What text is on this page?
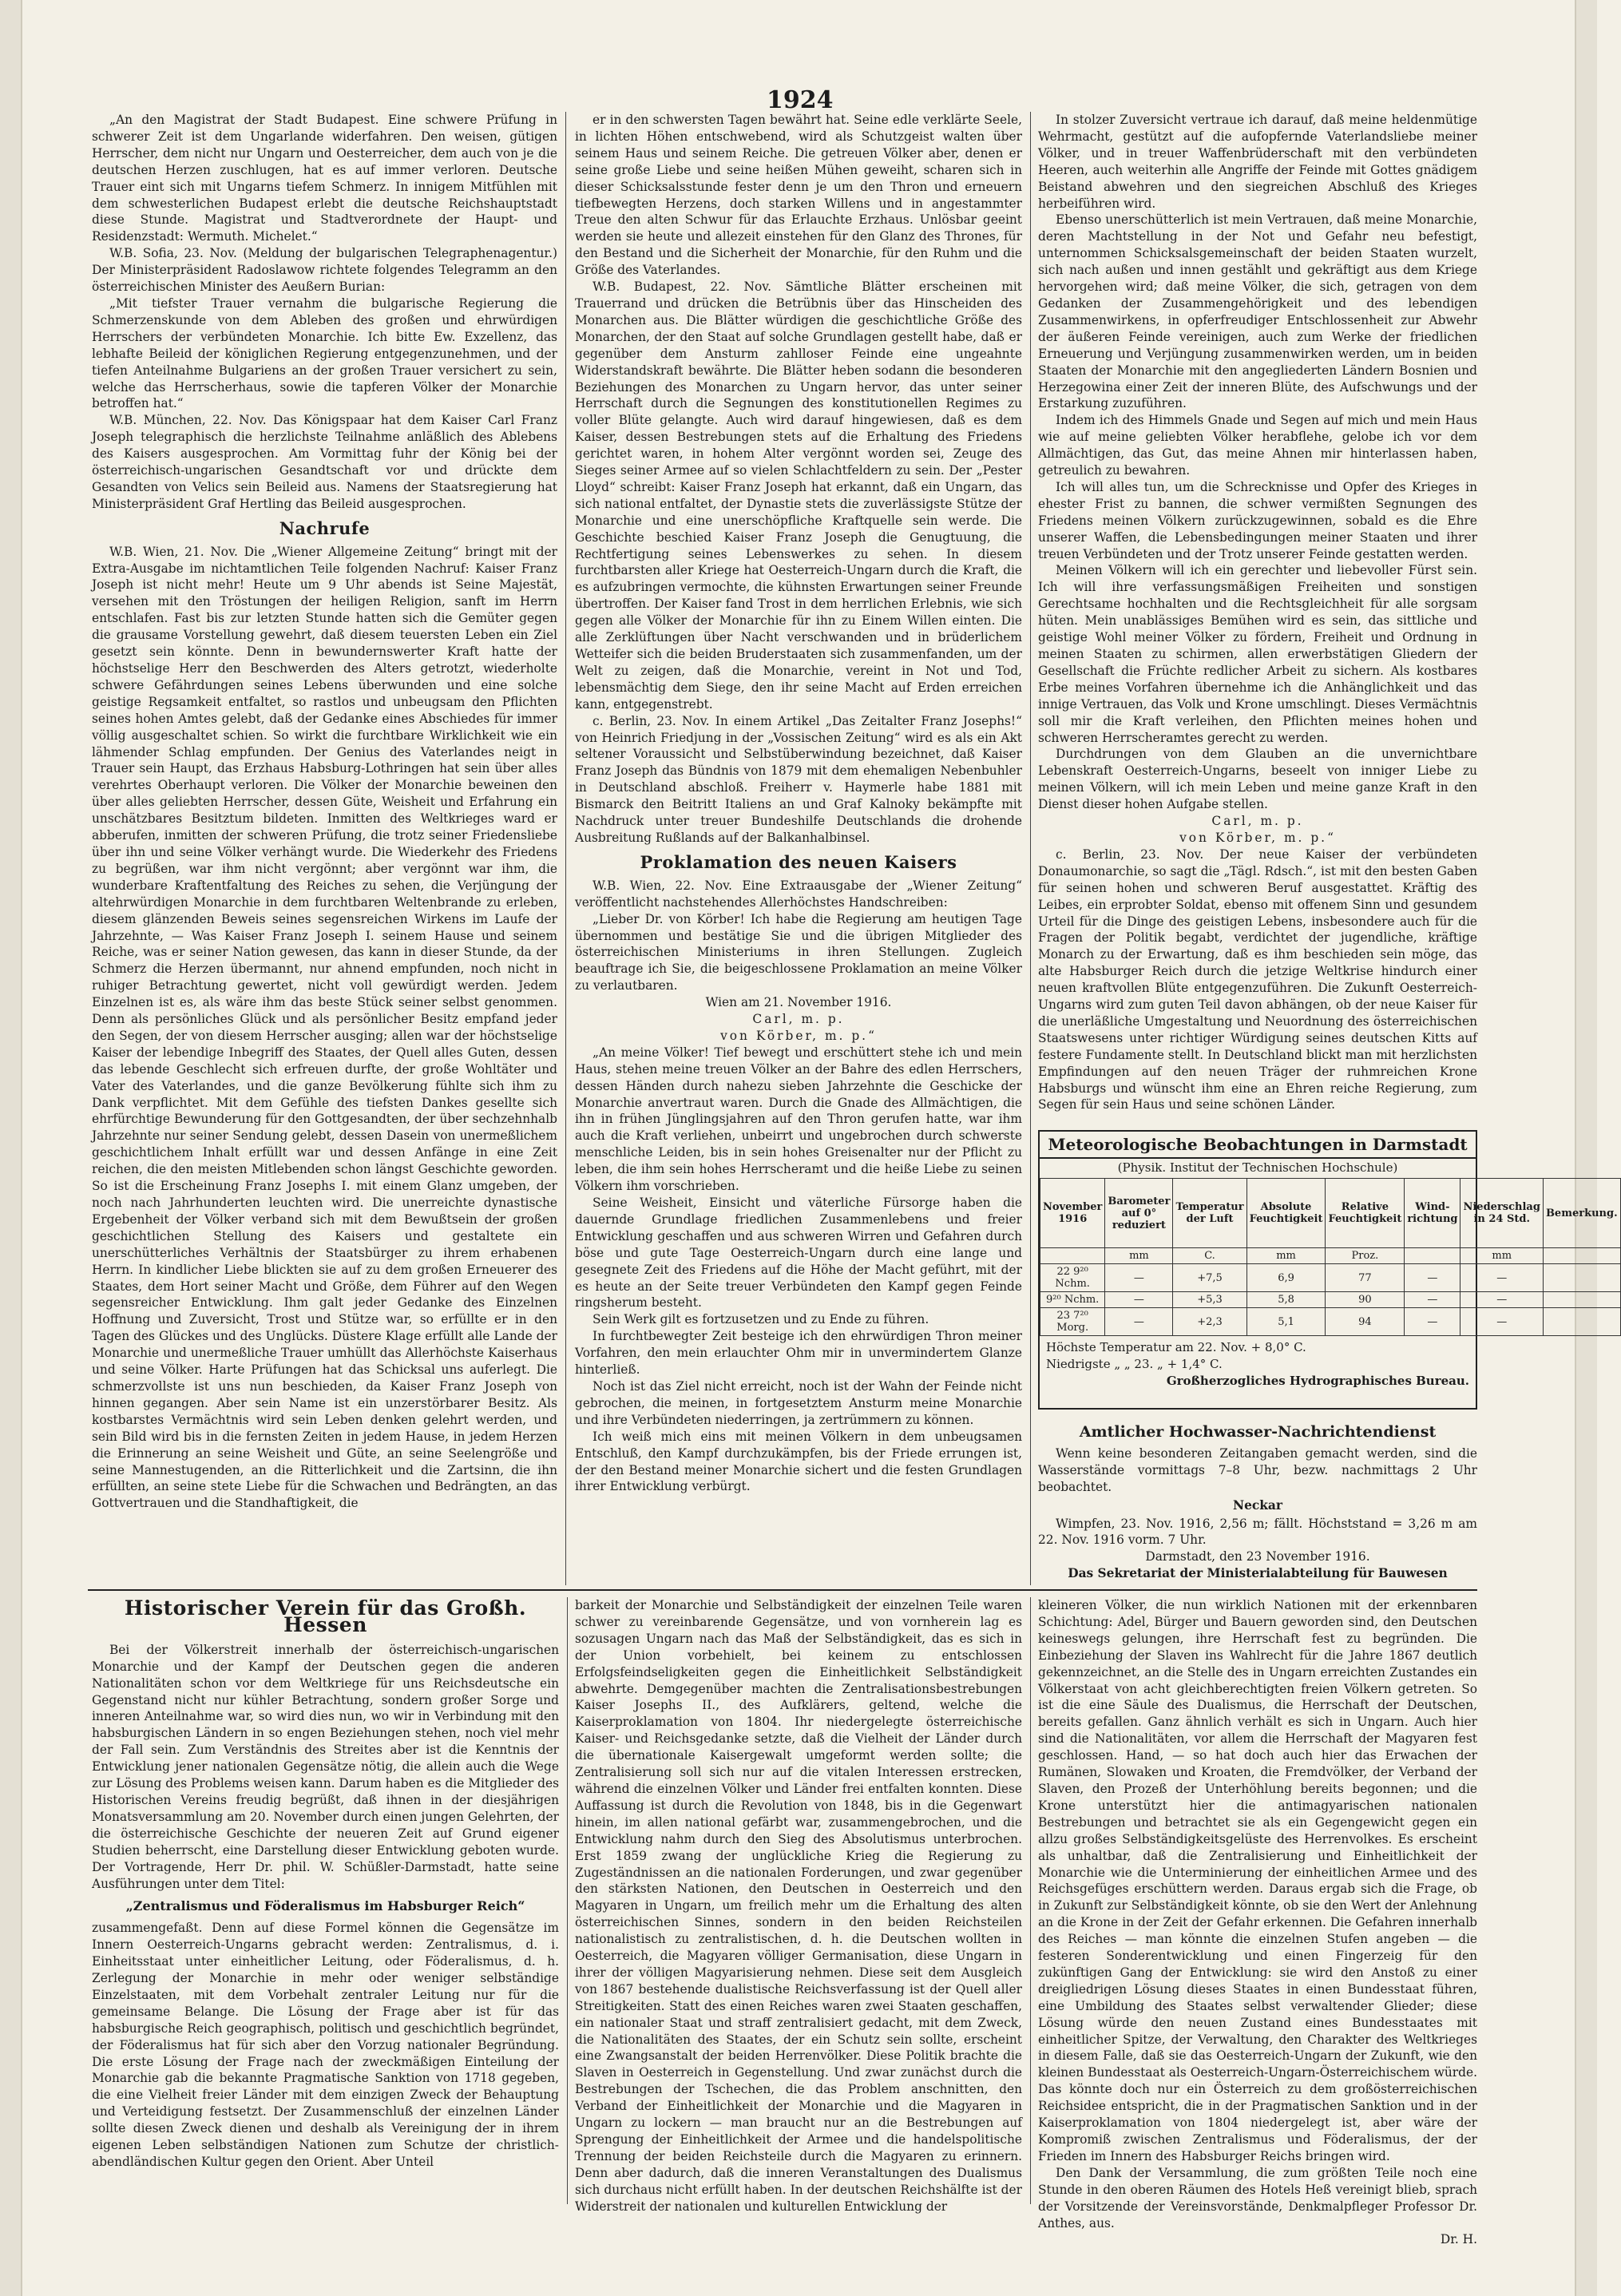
1924

„An den Magistrat der Stadt Budapest. Eine schwere Prüfung in schwerer Zeit ist dem Ungarlande widerfahren. Den weisen, gütigen Herrscher, dem nicht nur Ungarn und Oesterreicher, dem auch von je die deutschen Herzen zuschlugen, hat es auf immer verloren. Deutsche Trauer eint sich mit Ungarns tiefem Schmerz. In innigem Mitfühlen mit dem schwesterlichen Budapest erlebt die deutsche Reichshauptstadt diese Stunde. Magistrat und Stadtverordnete der Haupt- und Residenzstadt: Wermuth. Michelet.“

W.B. Sofia, 23. Nov. (Meldung der bulgarischen Telegraphenagentur.) Der Ministerpräsident Radoslawow richtete folgendes Telegramm an den österreichischen Minister des Aeußern Burian:

„Mit tiefster Trauer vernahm die bulgarische Regierung die Schmerzenskunde von dem Ableben des großen und ehrwürdigen Herrschers der verbündeten Monarchie. Ich bitte Ew. Exzellenz, das lebhafte Beileid der königlichen Regierung entgegenzunehmen, und der tiefen Anteilnahme Bulgariens an der großen Trauer versichert zu sein, welche das Herrscherhaus, sowie die tapferen Völker der Monarchie betroffen hat.“

W.B. München, 22. Nov. Das Königspaar hat dem Kaiser Carl Franz Joseph telegraphisch die herzlichste Teilnahme anläßlich des Ablebens des Kaisers ausgesprochen. Am Vormittag fuhr der König bei der österreichisch-ungarischen Gesandtschaft vor und drückte dem Gesandten von Velics sein Beileid aus. Namens der Staatsregierung hat Ministerpräsident Graf Hertling das Beileid ausgesprochen.

Nachrufe

W.B. Wien, 21. Nov. Die „Wiener Allgemeine Zeitung“ bringt mit der Extra-Ausgabe im nichtamtlichen Teile folgenden Nachruf: Kaiser Franz Joseph ist nicht mehr! Heute um 9 Uhr abends ist Seine Majestät, versehen mit den Tröstungen der heiligen Religion, sanft im Herrn entschlafen. Fast bis zur letzten Stunde hatten sich die Gemüter gegen die grausame Vorstellung gewehrt, daß diesem teuersten Leben ein Ziel gesetzt sein könnte. Denn in bewundernswerter Kraft hatte der höchstselige Herr den Beschwerden des Alters getrotzt, wiederholte schwere Gefährdungen seines Lebens überwunden und eine solche geistige Regsamkeit entfaltet, so rastlos und unbeugsam den Pflichten seines hohen Amtes gelebt, daß der Gedanke eines Abschiedes für immer völlig ausgeschaltet schien. So wirkt die furchtbare Wirklichkeit wie ein lähmender Schlag empfunden. Der Genius des Vaterlandes neigt in Trauer sein Haupt, das Erzhaus Habsburg-Lothringen hat sein über alles verehrtes Oberhaupt verloren. Die Völker der Monarchie beweinen den über alles geliebten Herrscher, dessen Güte, Weisheit und Erfahrung ein unschätzbares Besitztum bildeten. Inmitten des Weltkrieges ward er abberufen, inmitten der schweren Prüfung, die trotz seiner Friedensliebe über ihn und seine Völker verhängt wurde. Die Wiederkehr des Friedens zu begrüßen, war ihm nicht vergönnt; aber vergönnt war ihm, die wunderbare Kraftentfaltung des Reiches zu sehen, die Verjüngung der altehrwürdigen Monarchie in dem furchtbaren Weltenbrande zu erleben, diesem glänzenden Beweis seines segensreichen Wirkens im Laufe der Jahrzehnte, — Was Kaiser Franz Joseph I. seinem Hause und seinem Reiche, was er seiner Nation gewesen, das kann in dieser Stunde, da der Schmerz die Herzen übermannt, nur ahnend empfunden, noch nicht in ruhiger Betrachtung gewertet, nicht voll gewürdigt werden. Jedem Einzelnen ist es, als wäre ihm das beste Stück seiner selbst genommen. Denn als persönliches Glück und als persönlicher Besitz empfand jeder den Segen, der von diesem Herrscher ausging; allen war der höchstselige Kaiser der lebendige Inbegriff des Staates, der Quell alles Guten, dessen das lebende Geschlecht sich erfreuen durfte, der große Wohltäter und Vater des Vaterlandes, und die ganze Bevölkerung fühlte sich ihm zu Dank verpflichtet. Mit dem Gefühle des tiefsten Dankes gesellte sich ehrfürchtige Bewunderung für den Gottgesandten, der über sechzehnhalb Jahrzehnte nur seiner Sendung gelebt, dessen Dasein von unermeßlichem geschichtlichem Inhalt erfüllt war und dessen Anfänge in eine Zeit reichen, die den meisten Mitlebenden schon längst Geschichte geworden. So ist die Erscheinung Franz Josephs I. mit einem Glanz umgeben, der noch nach Jahrhunderten leuchten wird. Die unerreichte dynastische Ergebenheit der Völker verband sich mit dem Bewußtsein der großen geschichtlichen Stellung des Kaisers und gestaltete ein unerschütterliches Verhältnis der Staatsbürger zu ihrem erhabenen Herrn. In kindlicher Liebe blickten sie auf zu dem großen Erneuerer des Staates, dem Hort seiner Macht und Größe, dem Führer auf den Wegen segensreicher Entwicklung. Ihm galt jeder Gedanke des Einzelnen Hoffnung und Zuversicht, Trost und Stütze war, so erfüllte er in den Tagen des Glückes und des Unglücks. Düstere Klage erfüllt alle Lande der Monarchie und unermeßliche Trauer umhüllt das Allerhöchste Kaiserhaus und seine Völker. Harte Prüfungen hat das Schicksal uns auferlegt. Die schmerzvollste ist uns nun beschieden, da Kaiser Franz Joseph von hinnen gegangen. Aber sein Name ist ein unzerstörbarer Besitz. Als kostbarstes Vermächtnis wird sein Leben denken gelehrt werden, und sein Bild wird bis in die fernsten Zeiten in jedem Hause, in jedem Herzen die Erinnerung an seine Weisheit und Güte, an seine Seelengröße und seine Mannestugenden, an die Ritterlichkeit und die Zartsinn, die ihn erfüllten, an seine stete Liebe für die Schwachen und Bedrängten, an das Gottvertrauen und die Standhaftigkeit, die

er in den schwersten Tagen bewährt hat. Seine edle verklärte Seele, in lichten Höhen entschwebend, wird als Schutzgeist walten über seinem Haus und seinem Reiche. Die getreuen Völker aber, denen er seine große Liebe und seine heißen Mühen geweiht, scharen sich in dieser Schicksalsstunde fester denn je um den Thron und erneuern tiefbewegten Herzens, doch starken Willens und in angestammter Treue den alten Schwur für das Erlauchte Erzhaus. Unlösbar geeint werden sie heute und allezeit einstehen für den Glanz des Thrones, für den Bestand und die Sicherheit der Monarchie, für den Ruhm und die Größe des Vaterlandes.

W.B. Budapest, 22. Nov. Sämtliche Blätter erscheinen mit Trauerrand und drücken die Betrübnis über das Hinscheiden des Monarchen aus. Die Blätter würdigen die geschichtliche Größe des Monarchen, der den Staat auf solche Grundlagen gestellt habe, daß er gegenüber dem Ansturm zahlloser Feinde eine ungeahnte Widerstandskraft bewährte. Die Blätter heben sodann die besonderen Beziehungen des Monarchen zu Ungarn hervor, das unter seiner Herrschaft durch die Segnungen des konstitutionellen Regimes zu voller Blüte gelangte. Auch wird darauf hingewiesen, daß es dem Kaiser, dessen Bestrebungen stets auf die Erhaltung des Friedens gerichtet waren, in hohem Alter vergönnt worden sei, Zeuge des Sieges seiner Armee auf so vielen Schlachtfeldern zu sein. Der „Pester Lloyd“ schreibt: Kaiser Franz Joseph hat erkannt, daß ein Ungarn, das sich national entfaltet, der Dynastie stets die zuverlässigste Stütze der Monarchie und eine unerschöpfliche Kraftquelle sein werde. Die Geschichte beschied Kaiser Franz Joseph die Genugtuung, die Rechtfertigung seines Lebenswerkes zu sehen. In diesem furchtbarsten aller Kriege hat Oesterreich-Ungarn durch die Kraft, die es aufzubringen vermochte, die kühnsten Erwartungen seiner Freunde übertroffen. Der Kaiser fand Trost in dem herrlichen Erlebnis, wie sich gegen alle Völker der Monarchie für ihn zu Einem Willen einten. Die alle Zerklüftungen über Nacht verschwanden und in brüderlichem Wetteifer sich die beiden Bruderstaaten sich zusammenfanden, um der Welt zu zeigen, daß die Monarchie, vereint in Not und Tod, lebensmächtig dem Siege, den ihr seine Macht auf Erden erreichen kann, entgegenstrebt.

c. Berlin, 23. Nov. In einem Artikel „Das Zeitalter Franz Josephs!“ von Heinrich Friedjung in der „Vossischen Zeitung“ wird es als ein Akt seltener Voraussicht und Selbstüberwindung bezeichnet, daß Kaiser Franz Joseph das Bündnis von 1879 mit dem ehemaligen Nebenbuhler in Deutschland abschloß. Freiherr v. Haymerle habe 1881 mit Bismarck den Beitritt Italiens an und Graf Kalnoky bekämpfte mit Nachdruck unter treuer Bundeshilfe Deutschlands die drohende Ausbreitung Rußlands auf der Balkanhalbinsel.

Proklamation des neuen Kaisers

W.B. Wien, 22. Nov. Eine Extraausgabe der „Wiener Zeitung“ veröffentlicht nachstehendes Allerhöchstes Handschreiben:

„Lieber Dr. von Körber! Ich habe die Regierung am heutigen Tage übernommen und bestätige Sie und die übrigen Mitglieder des österreichischen Ministeriums in ihren Stellungen. Zugleich beauftrage ich Sie, die beigeschlossene Proklamation an meine Völker zu verlautbaren.

Wien am 21. November 1916.

Carl, m. p.

von Körber, m. p.“

„An meine Völker! Tief bewegt und erschüttert stehe ich und mein Haus, stehen meine treuen Völker an der Bahre des edlen Herrschers, dessen Händen durch nahezu sieben Jahrzehnte die Geschicke der Monarchie anvertraut waren. Durch die Gnade des Allmächtigen, die ihn in frühen Jünglingsjahren auf den Thron gerufen hatte, war ihm auch die Kraft verliehen, unbeirrt und ungebrochen durch schwerste menschliche Leiden, bis in sein hohes Greisenalter nur der Pflicht zu leben, die ihm sein hohes Herrscheramt und die heiße Liebe zu seinen Völkern ihm vorschrieben.

Seine Weisheit, Einsicht und väterliche Fürsorge haben die dauernde Grundlage friedlichen Zusammenlebens und freier Entwicklung geschaffen und aus schweren Wirren und Gefahren durch böse und gute Tage Oesterreich-Ungarn durch eine lange und gesegnete Zeit des Friedens auf die Höhe der Macht geführt, mit der es heute an der Seite treuer Verbündeten den Kampf gegen Feinde ringsherum besteht.

Sein Werk gilt es fortzusetzen und zu Ende zu führen.

In furchtbewegter Zeit besteige ich den ehrwürdigen Thron meiner Vorfahren, den mein erlauchter Ohm mir in unvermindertem Glanze hinterließ.

Noch ist das Ziel nicht erreicht, noch ist der Wahn der Feinde nicht gebrochen, die meinen, in fortgesetztem Ansturm meine Monarchie und ihre Verbündeten niederringen, ja zertrümmern zu können.

Ich weiß mich eins mit meinen Völkern in dem unbeugsamen Entschluß, den Kampf durchzukämpfen, bis der Friede errungen ist, der den Bestand meiner Monarchie sichert und die festen Grundlagen ihrer Entwicklung verbürgt.

In stolzer Zuversicht vertraue ich darauf, daß meine heldenmütige Wehrmacht, gestützt auf die aufopfernde Vaterlandsliebe meiner Völker, und in treuer Waffenbrüderschaft mit den verbündeten Heeren, auch weiterhin alle Angriffe der Feinde mit Gottes gnädigem Beistand abwehren und den siegreichen Abschluß des Krieges herbeiführen wird.

Ebenso unerschütterlich ist mein Vertrauen, daß meine Monarchie, deren Machtstellung in der Not und Gefahr neu befestigt, unternommen Schicksalsgemeinschaft der beiden Staaten wurzelt, sich nach außen und innen gestählt und gekräftigt aus dem Kriege hervorgehen wird; daß meine Völker, die sich, getragen von dem Gedanken der Zusammengehörigkeit und des lebendigen Zusammenwirkens, in opferfreudiger Entschlossenheit zur Abwehr der äußeren Feinde vereinigen, auch zum Werke der friedlichen Erneuerung und Verjüngung zusammenwirken werden, um in beiden Staaten der Monarchie mit den angegliederten Ländern Bosnien und Herzegowina einer Zeit der inneren Blüte, des Aufschwungs und der Erstarkung zuzuführen.

Indem ich des Himmels Gnade und Segen auf mich und mein Haus wie auf meine geliebten Völker herabflehe, gelobe ich vor dem Allmächtigen, das Gut, das meine Ahnen mir hinterlassen haben, getreulich zu bewahren.

Ich will alles tun, um die Schrecknisse und Opfer des Krieges in ehester Frist zu bannen, die schwer vermißten Segnungen des Friedens meinen Völkern zurückzugewinnen, sobald es die Ehre unserer Waffen, die Lebensbedingungen meiner Staaten und ihrer treuen Verbündeten und der Trotz unserer Feinde gestatten werden.

Meinen Völkern will ich ein gerechter und liebevoller Fürst sein. Ich will ihre verfassungsmäßigen Freiheiten und sonstigen Gerechtsame hochhalten und die Rechtsgleichheit für alle sorgsam hüten. Mein unablässiges Bemühen wird es sein, das sittliche und geistige Wohl meiner Völker zu fördern, Freiheit und Ordnung in meinen Staaten zu schirmen, allen erwerbstätigen Gliedern der Gesellschaft die Früchte redlicher Arbeit zu sichern. Als kostbares Erbe meines Vorfahren übernehme ich die Anhänglichkeit und das innige Vertrauen, das Volk und Krone umschlingt. Dieses Vermächtnis soll mir die Kraft verleihen, den Pflichten meines hohen und schweren Herrscheramtes gerecht zu werden.

Durchdrungen von dem Glauben an die unvernichtbare Lebenskraft Oesterreich-Ungarns, beseelt von inniger Liebe zu meinen Völkern, will ich mein Leben und meine ganze Kraft in den Dienst dieser hohen Aufgabe stellen.

Carl, m. p.

von Körber, m. p.“

c. Berlin, 23. Nov. Der neue Kaiser der verbündeten Donaumonarchie, so sagt die „Tägl. Rdsch.“, ist mit den besten Gaben für seinen hohen und schweren Beruf ausgestattet. Kräftig des Leibes, ein erprobter Soldat, ebenso mit offenem Sinn und gesundem Urteil für die Dinge des geistigen Lebens, insbesondere auch für die Fragen der Politik begabt, verdichtet der jugendliche, kräftige Monarch zu der Erwartung, daß es ihm beschieden sein möge, das alte Habsburger Reich durch die jetzige Weltkrise hindurch einer neuen kraftvollen Blüte entgegenzuführen. Die Zukunft Oesterreich-Ungarns wird zum guten Teil davon abhängen, ob der neue Kaiser für die unerläßliche Umgestaltung und Neuordnung des österreichischen Staatswesens unter richtiger Würdigung seines deutschen Kitts auf festere Fundamente stellt. In Deutschland blickt man mit herzlichsten Empfindungen auf den neuen Träger der ruhmreichen Krone Habsburgs und wünscht ihm eine an Ehren reiche Regierung, zum Segen für sein Haus und seine schönen Länder.

Meteorologische Beobachtungen in Darmstadt
(Physik. Institut der Technischen Hochschule)
November 1916	Barometer auf 0° reduziert	Temperatur der Luft	Absolute Feuchtigkeit	Relative Feuchtigkeit	Wind-richtung	Niederschlag in 24 Std.	Bemerkung.
	mm	C.	mm	Proz.		mm	
22 9²⁰ Nchm.	—	+7,5	6,9	77	—	—	
9²⁰ Nchm.	—	+5,3	5,8	90	—	—	
23 7²⁰ Morg.	—	+2,3	5,1	94	—	—	
Höchste Temperatur am 22. Nov. + 8,0° C.
Niedrigste „ „ 23. „ + 1,4° C.
Großherzogliches Hydrographisches Bureau.
Amtlicher Hochwasser-Nachrichtendienst

Wenn keine besonderen Zeitangaben gemacht werden, sind die Wasserstände vormittags 7–8 Uhr, bezw. nachmittags 2 Uhr beobachtet.

Neckar

Wimpfen, 23. Nov. 1916, 2,56 m; fällt. Höchststand = 3,26 m am 22. Nov. 1916 vorm. 7 Uhr.

Darmstadt, den 23 November 1916.

Das Sekretariat der Ministerialabteilung für Bauwesen

Historischer Verein für das Großh. Hessen

Bei der Völkerstreit innerhalb der österreichisch-ungarischen Monarchie und der Kampf der Deutschen gegen die anderen Nationalitäten schon vor dem Weltkriege für uns Reichsdeutsche ein Gegenstand nicht nur kühler Betrachtung, sondern großer Sorge und inneren Anteilnahme war, so wird dies nun, wo wir in Verbindung mit den habsburgischen Ländern in so engen Beziehungen stehen, noch viel mehr der Fall sein. Zum Verständnis des Streites aber ist die Kenntnis der Entwicklung jener nationalen Gegensätze nötig, die allein auch die Wege zur Lösung des Problems weisen kann. Darum haben es die Mitglieder des Historischen Vereins freudig begrüßt, daß ihnen in der diesjährigen Monatsversammlung am 20. November durch einen jungen Gelehrten, der die österreichische Geschichte der neueren Zeit auf Grund eigener Studien beherrscht, eine Darstellung dieser Entwicklung geboten wurde. Der Vortragende, Herr Dr. phil. W. Schüßler-Darmstadt, hatte seine Ausführungen unter dem Titel:

„Zentralismus und Föderalismus im Habsburger Reich“

zusammengefaßt. Denn auf diese Formel können die Gegensätze im Innern Oesterreich-Ungarns gebracht werden: Zentralismus, d. i. Einheitsstaat unter einheitlicher Leitung, oder Föderalismus, d. h. Zerlegung der Monarchie in mehr oder weniger selbständige Einzelstaaten, mit dem Vorbehalt zentraler Leitung nur für die gemeinsame Belange. Die Lösung der Frage aber ist für das habsburgische Reich geographisch, politisch und geschichtlich begründet, der Föderalismus hat für sich aber den Vorzug nationaler Begründung. Die erste Lösung der Frage nach der zweckmäßigen Einteilung der Monarchie gab die bekannte Pragmatische Sanktion von 1718 gegeben, die eine Vielheit freier Länder mit dem einzigen Zweck der Behauptung und Verteidigung festsetzt. Der Zusammenschluß der einzelnen Länder sollte diesen Zweck dienen und deshalb als Vereinigung der in ihrem eigenen Leben selbständigen Nationen zum Schutze der christlich-abendländischen Kultur gegen den Orient. Aber Unteil

barkeit der Monarchie und Selbständigkeit der einzelnen Teile waren schwer zu vereinbarende Gegensätze, und von vornherein lag es sozusagen Ungarn nach das Maß der Selbständigkeit, das es sich in der Union vorbehielt, bei keinem zu entschlossen Erfolgsfeindseligkeiten gegen die Einheitlichkeit Selbständigkeit abwehrte. Demgegenüber machten die Zentralisationsbestrebungen Kaiser Josephs II., des Aufklärers, geltend, welche die Kaiserproklamation von 1804. Ihr niedergelegte österreichische Kaiser- und Reichsgedanke setzte, daß die Vielheit der Länder durch die übernationale Kaisergewalt umgeformt werden sollte; die Zentralisierung soll sich nur auf die vitalen Interessen erstrecken, während die einzelnen Völker und Länder frei entfalten konnten. Diese Auffassung ist durch die Revolution von 1848, bis in die Gegenwart hinein, im allen national gefärbt war, zusammengebrochen, und die Entwicklung nahm durch den Sieg des Absolutismus unterbrochen. Erst 1859 zwang der unglückliche Krieg die Regierung zu Zugeständnissen an die nationalen Forderungen, und zwar gegenüber den stärksten Nationen, den Deutschen in Oesterreich und den Magyaren in Ungarn, um freilich mehr um die Erhaltung des alten österreichischen Sinnes, sondern in den beiden Reichsteilen nationalistisch zu zentralistischen, d. h. die Deutschen wollten in Oesterreich, die Magyaren völliger Germanisation, diese Ungarn in ihrer der völligen Magyarisierung nehmen. Diese seit dem Ausgleich von 1867 bestehende dualistische Reichsverfassung ist der Quell aller Streitigkeiten. Statt des einen Reiches waren zwei Staaten geschaffen, ein nationaler Staat und straff zentralisiert gedacht, mit dem Zweck, die Nationalitäten des Staates, der ein Schutz sein sollte, erscheint eine Zwangsanstalt der beiden Herrenvölker. Diese Politik brachte die Slaven in Oesterreich in Gegenstellung. Und zwar zunächst durch die Bestrebungen der Tschechen, die das Problem anschnitten, den Verband der Einheitlichkeit der Monarchie und die Magyaren in Ungarn zu lockern — man braucht nur an die Bestrebungen auf Sprengung der Einheitlichkeit der Armee und die handelspolitische Trennung der beiden Reichsteile durch die Magyaren zu erinnern. Denn aber dadurch, daß die inneren Veranstaltungen des Dualismus sich durchaus nicht erfüllt haben. In der deutschen Reichshälfte ist der Widerstreit der nationalen und kulturellen Entwicklung der

kleineren Völker, die nun wirklich Nationen mit der erkennbaren Schichtung: Adel, Bürger und Bauern geworden sind, den Deutschen keineswegs gelungen, ihre Herrschaft fest zu begründen. Die Einbeziehung der Slaven ins Wahlrecht für die Jahre 1867 deutlich gekennzeichnet, an die Stelle des in Ungarn erreichten Zustandes ein Völkerstaat von acht gleichberechtigten freien Völkern getreten. So ist die eine Säule des Dualismus, die Herrschaft der Deutschen, bereits gefallen. Ganz ähnlich verhält es sich in Ungarn. Auch hier sind die Nationalitäten, vor allem die Herrschaft der Magyaren fest geschlossen. Hand, — so hat doch auch hier das Erwachen der Rumänen, Slowaken und Kroaten, die Fremdvölker, der Verband der Slaven, den Prozeß der Unterhöhlung bereits begonnen; und die Krone unterstützt hier die antimagyarischen nationalen Bestrebungen und betrachtet sie als ein Gegengewicht gegen ein allzu großes Selbständigkeitsgelüste des Herrenvolkes. Es erscheint als unhaltbar, daß die Zentralisierung und Einheitlichkeit der Monarchie wie die Unterminierung der einheitlichen Armee und des Reichsgefüges erschüttern werden. Daraus ergab sich die Frage, ob in Zukunft zur Selbständigkeit könnte, ob sie den Wert der Anlehnung an die Krone in der Zeit der Gefahr erkennen. Die Gefahren innerhalb des Reiches — man könnte die einzelnen Stufen angeben — die festeren Sonderentwicklung und einen Fingerzeig für den zukünftigen Gang der Entwicklung: sie wird den Anstoß zu einer dreigliedrigen Lösung dieses Staates in einen Bundesstaat führen, eine Umbildung des Staates selbst verwaltender Glieder; diese Lösung würde den neuen Zustand eines Bundesstaates mit einheitlicher Spitze, der Verwaltung, den Charakter des Weltkrieges in diesem Falle, daß sie das Oesterreich-Ungarn der Zukunft, wie den kleinen Bundesstaat als Oesterreich-Ungarn-Österreichischem würde. Das könnte doch nur ein Österreich zu dem großösterreichischen Reichsidee entspricht, die in der Pragmatischen Sanktion und in der Kaiserproklamation von 1804 niedergelegt ist, aber wäre der Kompromiß zwischen Zentralismus und Föderalismus, der der Frieden im Innern des Habsburger Reichs bringen wird.

Den Dank der Versammlung, die zum größten Teile noch eine Stunde in den oberen Räumen des Hotels Heß vereinigt blieb, sprach der Vorsitzende der Vereinsvorstände, Denkmalpfleger Professor Dr. Anthes, aus.

Dr. H.
